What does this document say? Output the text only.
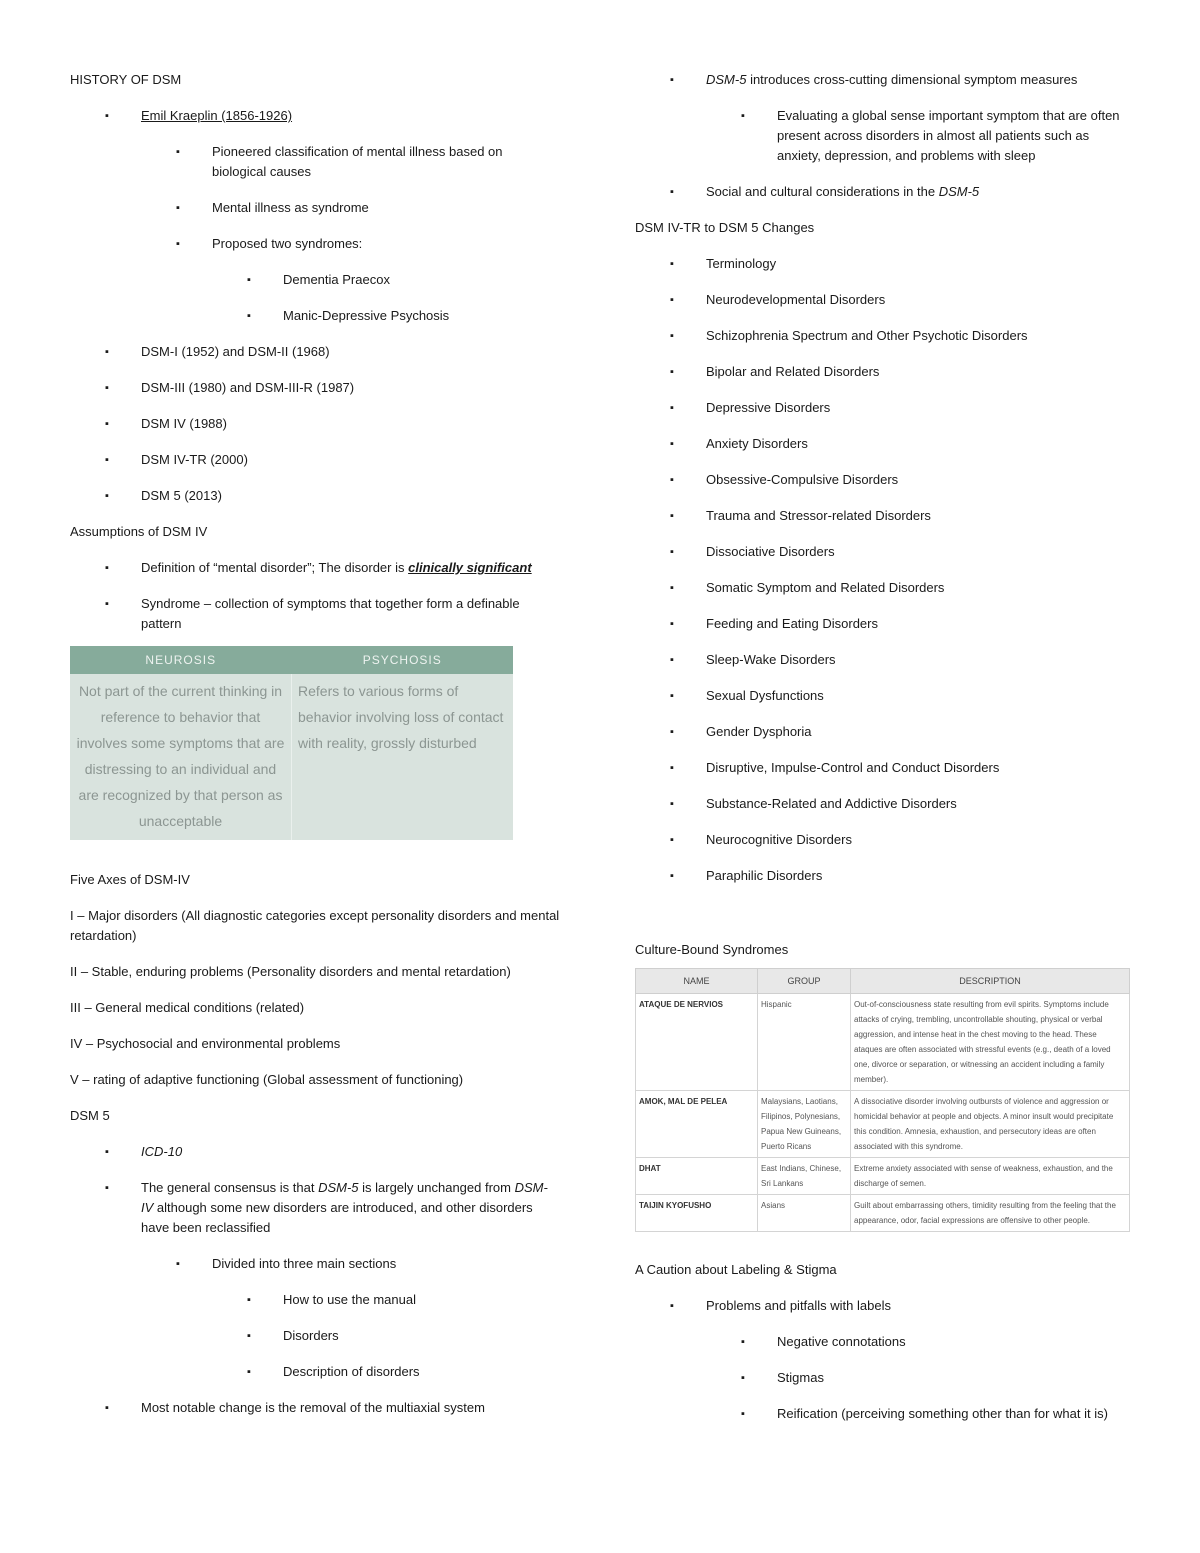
HISTORY OF DSM
▪ Emil Kraeplin (1856-1926)
▪ Pioneered classification of mental illness based on biological causes
▪ Mental illness as syndrome
▪ Proposed two syndromes:
▪ Dementia Praecox
▪ Manic-Depressive Psychosis
▪ DSM-I (1952) and DSM-II (1968)
▪ DSM-III (1980) and DSM-III-R (1987)
▪ DSM IV (1988)
▪ DSM IV-TR (2000)
▪ DSM 5 (2013)
Assumptions of DSM IV
▪ Definition of “mental disorder”; The disorder is clinically significant
▪ Syndrome – collection of symptoms that together form a definable pattern
NEUROSIS	PSYCHOSIS
Not part of the current thinking in reference to behavior that involves some symptoms that are distressing to an individual and are recognized by that person as unacceptable	Refers to various forms of behavior involving loss of contact with reality, grossly disturbed
Five Axes of DSM-IV
I – Major disorders (All diagnostic categories except personality disorders and mental retardation)
II – Stable, enduring problems (Personality disorders and mental retardation)
III – General medical conditions (related)
IV – Psychosocial and environmental problems
V – rating of adaptive functioning (Global assessment of functioning)
DSM 5
▪ ICD-10
▪ The general consensus is that DSM-5 is largely unchanged from DSM-IV although some new disorders are introduced, and other disorders have been reclassified
▪ Divided into three main sections
▪ How to use the manual
▪ Disorders
▪ Description of disorders
▪ Most notable change is the removal of the multiaxial system
▪ DSM-5 introduces cross-cutting dimensional symptom measures
▪ Evaluating a global sense important symptom that are often present across disorders in almost all patients such as anxiety, depression, and problems with sleep
▪ Social and cultural considerations in the DSM-5
DSM IV-TR to DSM 5 Changes
▪ Terminology
▪ Neurodevelopmental Disorders
▪ Schizophrenia Spectrum and Other Psychotic Disorders
▪ Bipolar and Related Disorders
▪ Depressive Disorders
▪ Anxiety Disorders
▪ Obsessive-Compulsive Disorders
▪ Trauma and Stressor-related Disorders
▪ Dissociative Disorders
▪ Somatic Symptom and Related Disorders
▪ Feeding and Eating Disorders
▪ Sleep-Wake Disorders
▪ Sexual Dysfunctions
▪ Gender Dysphoria
▪ Disruptive, Impulse-Control and Conduct Disorders
▪ Substance-Related and Addictive Disorders
▪ Neurocognitive Disorders
▪ Paraphilic Disorders
Culture-Bound Syndromes
NAME	GROUP	DESCRIPTION
ATAQUE DE NERVIOS	Hispanic	Out-of-consciousness state resulting from evil spirits. Symptoms include attacks of crying, trembling, uncontrollable shouting, physical or verbal aggression, and intense heat in the chest moving to the head. These ataques are often associated with stressful events (e.g., death of a loved one, divorce or separation, or witnessing an accident including a family member).
AMOK, MAL DE PELEA	Malaysians, Laotians, Filipinos, Polynesians, Papua New Guineans, Puerto Ricans	A dissociative disorder involving outbursts of violence and aggression or homicidal behavior at people and objects. A minor insult would precipitate this condition. Amnesia, exhaustion, and persecutory ideas are often associated with this syndrome.
DHAT	East Indians, Chinese, Sri Lankans	Extreme anxiety associated with sense of weakness, exhaustion, and the discharge of semen.
TAIJIN KYOFUSHO	Asians	Guilt about embarrassing others, timidity resulting from the feeling that the appearance, odor, facial expressions are offensive to other people.
A Caution about Labeling & Stigma
▪ Problems and pitfalls with labels
▪ Negative connotations
▪ Stigmas
▪ Reification (perceiving something other than for what it is)
